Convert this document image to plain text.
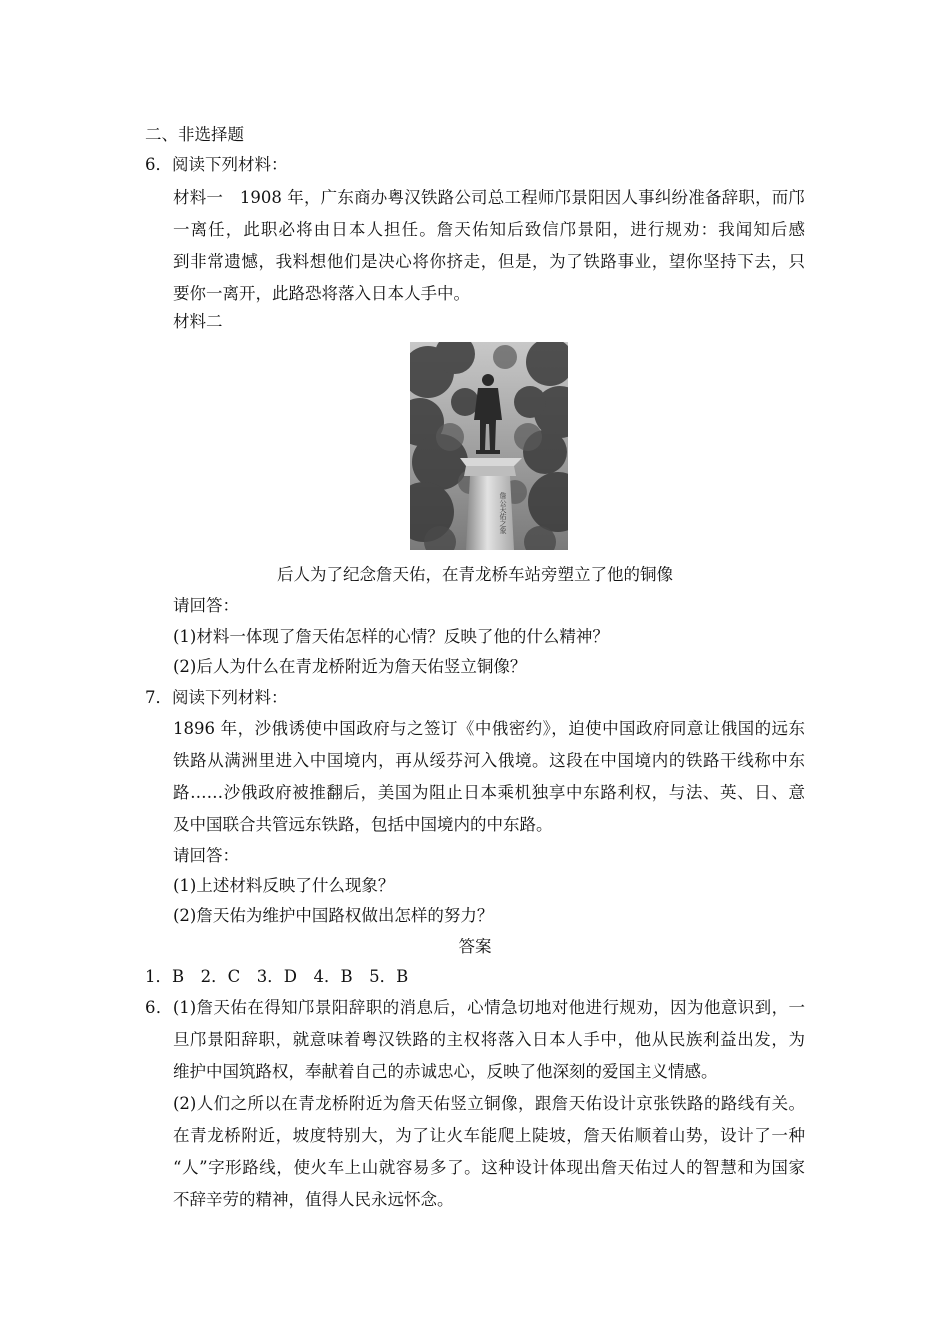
二、非选择题
6．阅读下列材料：
材料一　1908 年，广东商办粤汉铁路公司总工程师邝景阳因人事纠纷准备辞职，而邝
一离任，此职必将由日本人担任。詹天佑知后致信邝景阳，进行规劝：我闻知后感
到非常遗憾，我料想他们是决心将你挤走，但是，为了铁路事业，望你坚持下去，只
要你一离开，此路恐将落入日本人手中。
材料二
詹公天佑之象
后人为了纪念詹天佑，在青龙桥车站旁塑立了他的铜像
请回答：
(1)材料一体现了詹天佑怎样的心情？反映了他的什么精神？
(2)后人为什么在青龙桥附近为詹天佑竖立铜像？
7．阅读下列材料：
1896 年，沙俄诱使中国政府与之签订《中俄密约》，迫使中国政府同意让俄国的远东
铁路从满洲里进入中国境内，再从绥芬河入俄境。这段在中国境内的铁路干线称中东
路……沙俄政府被推翻后，美国为阻止日本乘机独享中东路利权，与法、英、日、意
及中国联合共管远东铁路，包括中国境内的中东路。
请回答：
(1)上述材料反映了什么现象？
(2)詹天佑为维护中国路权做出怎样的努力？
答案
1．B　2．C　3．D　4．B　5．B
6．(1)詹天佑在得知邝景阳辞职的消息后，心情急切地对他进行规劝，因为他意识到，一
旦邝景阳辞职，就意味着粤汉铁路的主权将落入日本人手中，他从民族利益出发，为
维护中国筑路权，奉献着自己的赤诚忠心，反映了他深刻的爱国主义情感。
(2)人们之所以在青龙桥附近为詹天佑竖立铜像，跟詹天佑设计京张铁路的路线有关。
在青龙桥附近，坡度特别大，为了让火车能爬上陡坡，詹天佑顺着山势，设计了一种
“人”字形路线，使火车上山就容易多了。这种设计体现出詹天佑过人的智慧和为国家
不辞辛劳的精神，值得人民永远怀念。
